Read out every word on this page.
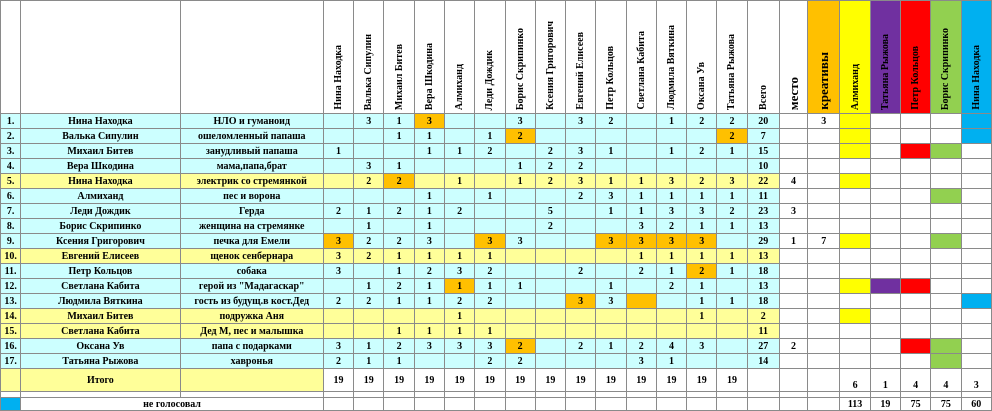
			Нина Находка	Валька Сипулин	Михаил Битев	Вера Шкодина	Алмиханд	Леди Дождик	Борис Скрипинко	Ксения Григорович	Евгений Елисеев	Петр Кольцов	Светлана Кабита	Людмила Вяткина	Оксана Ув	Татьяна Рыжова	Всего	место	креативы	Алмиханд	Татьяна Рыжова	Петр Кольцов	Борис Скрипинко	Нина Находка
1.	Нина Находка	НЛО и гуманоид		3	1	3			3		3	2		1	2	2	20		3					
2.	Валька Сипулин	ошеломленный папаша			1	1		1	2							2	7							
3.	Михаил Битев	занудливый папаша	1			1	1	2		2	3	1		1	2	1	15							
4.	Вера Шкодина	мама,папа,брат		3	1				1	2	2						10							
5.	Нина Находка	электрик со стремянкой		2	2		1		1	2	3	1	1	3	2	3	22	4						
6.	Алмиханд	пес и ворона				1		1			2	3	1	1	1	1	11							
7.	Леди Дождик	Герда	2	1	2	1	2			5		1	1	3	3	2	23	3						
8.	Борис Скрипинко	женщина на стремянке		1		1				2			3	2	1	1	13							
9.	Ксения Григорович	печка для Емели	3	2	2	3		3	3			3	3	3	3		29	1	7					
10.	Евгений Елисеев	щенок сенбернара	3	2	1	1	1	1					1	1	1	1	13							
11.	Петр Кольцов	собака	3		1	2	3	2			2		2	1	2	1	18							
12.	Светлана Кабита	герой из "Мадагаскар"		1	2	1	1	1	1			1		2	1		13							
13.	Людмила Вяткина	гость из будущ.в кост.Дед	2	2	1	1	2	2			3	3			1	1	18							
14.	Михаил Битев	подружка Аня					1								1		2							
15.	Светлана Кабита	Дед М, пес и малышка			1	1	1	1									11							
16.	Оксана Ув	папа с подарками	3	1	2	3	3	3	2		2	1	2	4	3		27	2						
17.	Татьяна Рыжова	хавронья	2	1	1			2	2				3	1			14							
	Итого		19	19	19	19	19	19	19	19	19	19	19	19	19	19				6	1	4	4	3

	не голосовал																			113	19	75	75	60
